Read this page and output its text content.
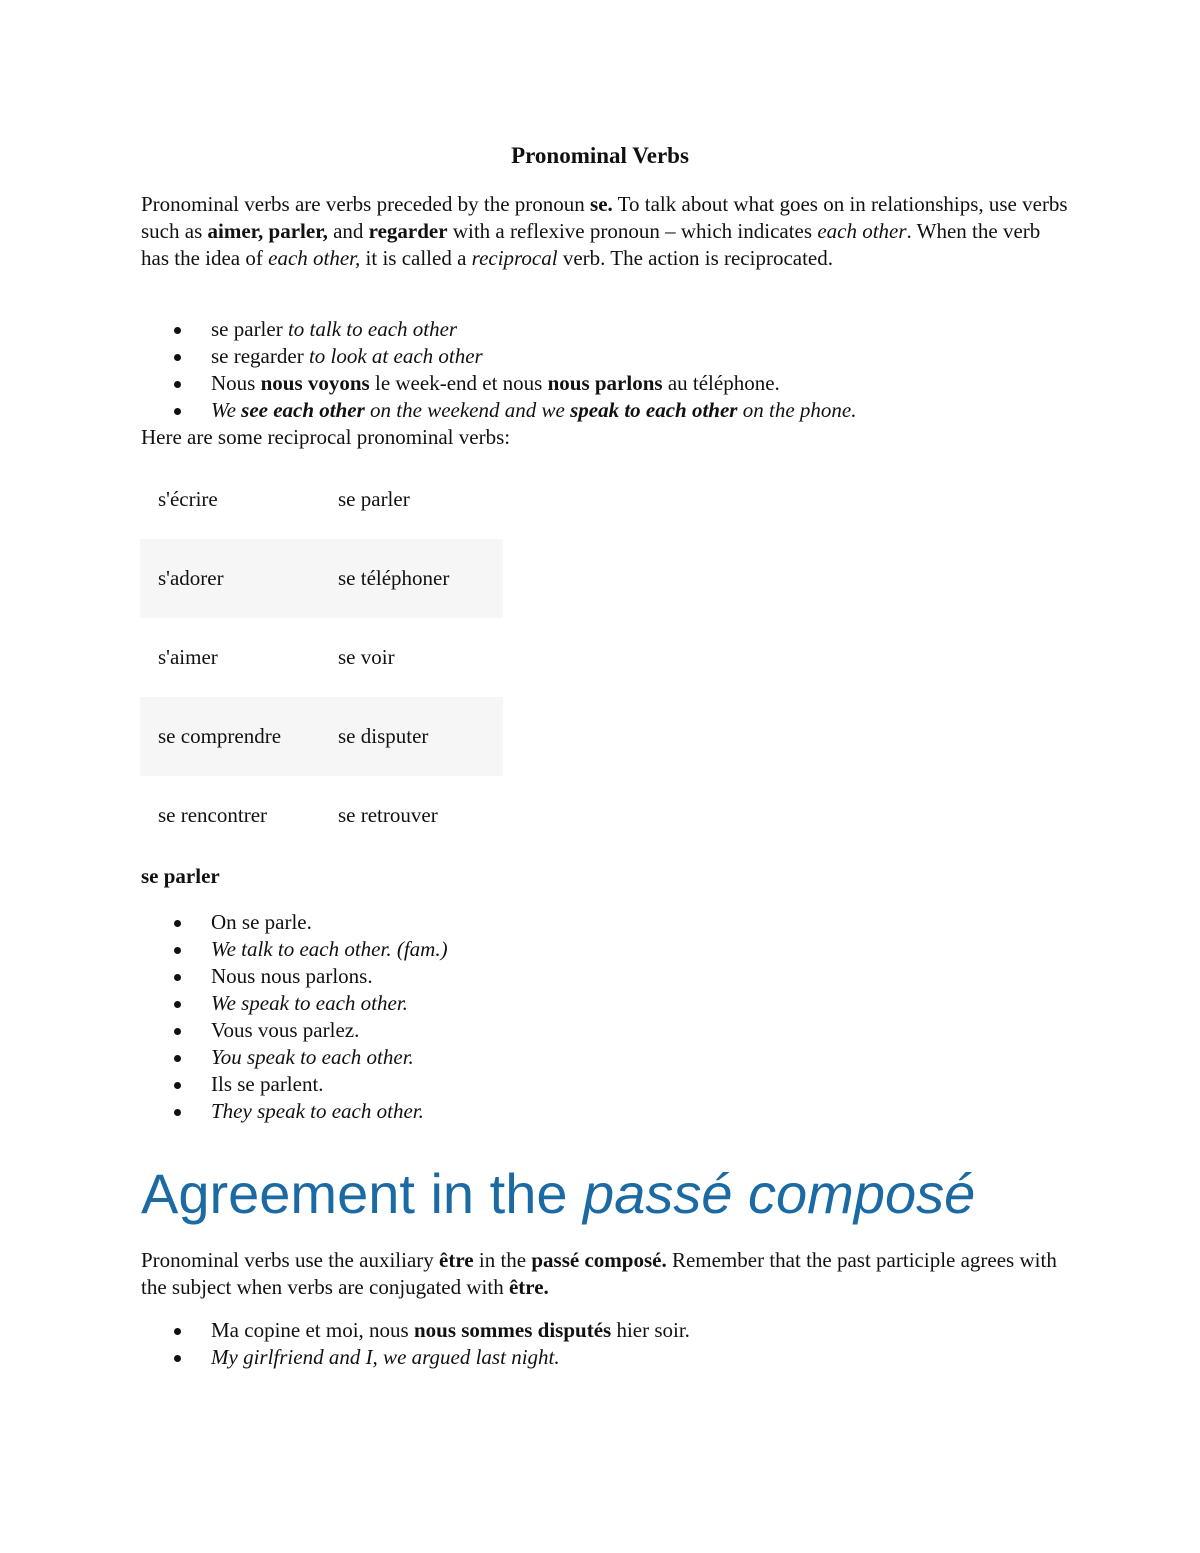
Pronominal Verbs

Pronominal verbs are verbs preceded by the pronoun se. To talk about what goes on in relationships, use verbs such as aimer, parler, and regarder with a reflexive pronoun – which indicates each other. When the verb has the idea of each other, it is called a reciprocal verb. The action is reciprocated.

se parler to talk to each other
se regarder to look at each other
Nous nous voyons le week-end et nous nous parlons au téléphone.
We see each other on the weekend and we speak to each other on the phone.

Here are some reciprocal pronominal verbs:

s'écrire	se parler
s'adorer	se téléphoner
s'aimer	se voir
se comprendre	se disputer
se rencontrer	se retrouver

se parler

On se parle.
We talk to each other. (fam.)
Nous nous parlons.
We speak to each other.
Vous vous parlez.
You speak to each other.
Ils se parlent.
They speak to each other.
Agreement in the passé composé

Pronominal verbs use the auxiliary être in the passé composé. Remember that the past participle agrees with the subject when verbs are conjugated with être.

Ma copine et moi, nous nous sommes disputés hier soir.
My girlfriend and I, we argued last night.
